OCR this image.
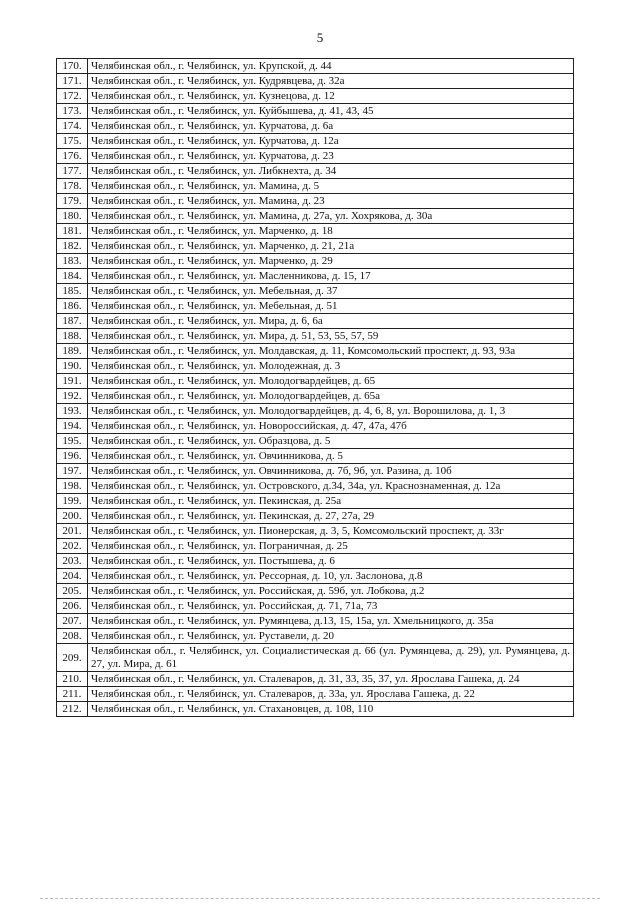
5
170.	Челябинская обл., г. Челябинск, ул. Крупской, д. 44
171.	Челябинская обл., г. Челябинск, ул. Кудрявцева, д. 32а
172.	Челябинская обл., г. Челябинск, ул. Кузнецова, д. 12
173.	Челябинская обл., г. Челябинск, ул. Куйбышева, д. 41, 43, 45
174.	Челябинская обл., г. Челябинск, ул. Курчатова, д. 6а
175.	Челябинская обл., г. Челябинск, ул. Курчатова, д. 12а
176.	Челябинская обл., г. Челябинск, ул. Курчатова, д. 23
177.	Челябинская обл., г. Челябинск, ул. Либкнехта, д. 34
178.	Челябинская обл., г. Челябинск, ул. Мамина, д. 5
179.	Челябинская обл., г. Челябинск, ул. Мамина, д. 23
180.	Челябинская обл., г. Челябинск, ул. Мамина, д. 27а, ул. Хохрякова, д. 30а
181.	Челябинская обл., г. Челябинск, ул. Марченко, д. 18
182.	Челябинская обл., г. Челябинск, ул. Марченко, д. 21, 21а
183.	Челябинская обл., г. Челябинск, ул. Марченко, д. 29
184.	Челябинская обл., г. Челябинск, ул. Масленникова, д. 15, 17
185.	Челябинская обл., г. Челябинск, ул. Мебельная, д. 37
186.	Челябинская обл., г. Челябинск, ул. Мебельная, д. 51
187.	Челябинская обл., г. Челябинск, ул. Мира, д. 6, 6а
188.	Челябинская обл., г. Челябинск, ул. Мира, д. 51, 53, 55, 57, 59
189.	Челябинская обл., г. Челябинск, ул. Молдавская, д. 11, Комсомольский проспект, д. 93, 93а
190.	Челябинская обл., г. Челябинск, ул. Молодежная, д. 3
191.	Челябинская обл., г. Челябинск, ул. Молодогвардейцев, д. 65
192.	Челябинская обл., г. Челябинск, ул. Молодогвардейцев, д. 65а
193.	Челябинская обл., г. Челябинск, ул. Молодогвардейцев, д. 4, 6, 8, ул. Ворошилова, д. 1, 3
194.	Челябинская обл., г. Челябинск, ул. Новороссийская, д. 47, 47а, 47б
195.	Челябинская обл., г. Челябинск, ул. Образцова, д. 5
196.	Челябинская обл., г. Челябинск, ул. Овчинникова, д. 5
197.	Челябинская обл., г. Челябинск, ул. Овчинникова, д. 7б, 9б, ул. Разина, д. 10б
198.	Челябинская обл., г. Челябинск, ул. Островского, д.34, 34а, ул. Краснознаменная, д. 12а
199.	Челябинская обл., г. Челябинск, ул. Пекинская, д. 25а
200.	Челябинская обл., г. Челябинск, ул. Пекинская, д. 27, 27а, 29
201.	Челябинская обл., г. Челябинск, ул. Пионерская, д. 3, 5, Комсомольский проспект, д. 33г
202.	Челябинская обл., г. Челябинск, ул. Пограничная, д. 25
203.	Челябинская обл., г. Челябинск, ул. Постышева, д. 6
204.	Челябинская обл., г. Челябинск, ул. Рессорная, д. 10, ул. Заслонова, д.8
205.	Челябинская обл., г. Челябинск, ул. Российская, д. 59б, ул. Лобкова, д.2
206.	Челябинская обл., г. Челябинск, ул. Российская, д. 71, 71а, 73
207.	Челябинская обл., г. Челябинск, ул. Румянцева, д.13, 15, 15а, ул. Хмельницкого, д. 35а
208.	Челябинская обл., г. Челябинск, ул. Руставели, д. 20
209.	Челябинская обл., г. Челябинск, ул. Социалистическая д. 66 (ул. Румянцева, д. 29), ул. Румянцева, д. 27, ул. Мира, д. 61
210.	Челябинская обл., г. Челябинск, ул. Сталеваров, д. 31, 33, 35, 37, ул. Ярослава Гашека, д. 24
211.	Челябинская обл., г. Челябинск, ул. Сталеваров, д. 33а, ул. Ярослава Гашека, д. 22
212.	Челябинская обл., г. Челябинск, ул. Стахановцев, д. 108, 110
